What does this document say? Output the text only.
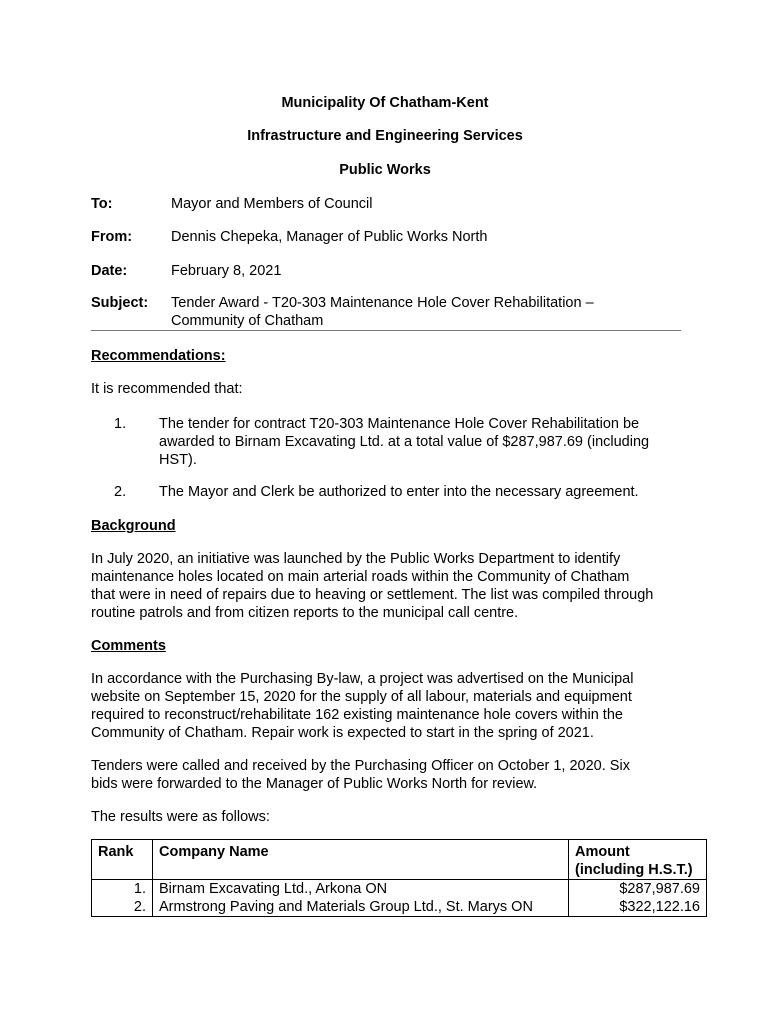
Municipality Of Chatham-Kent
Infrastructure and Engineering Services
Public Works
To:	Mayor and Members of Council
From:	Dennis Chepeka, Manager of Public Works North
Date:	February 8, 2021
Subject: Tender Award - T20-303 Maintenance Hole Cover Rehabilitation –
Community of Chatham
Recommendations:
It is recommended that:
1.	The tender for contract T20-303 Maintenance Hole Cover Rehabilitation be
awarded to Birnam Excavating Ltd. at a total value of $287,987.69 (including
HST).
2.	The Mayor and Clerk be authorized to enter into the necessary agreement.
Background
In July 2020, an initiative was launched by the Public Works Department to identify
maintenance holes located on main arterial roads within the Community of Chatham
that were in need of repairs due to heaving or settlement. The list was compiled through
routine patrols and from citizen reports to the municipal call centre.
Comments
In accordance with the Purchasing By-law, a project was advertised on the Municipal
website on September 15, 2020 for the supply of all labour, materials and equipment
required to reconstruct/rehabilitate 162 existing maintenance hole covers within the
Community of Chatham. Repair work is expected to start in the spring of 2021.
Tenders were called and received by the Purchasing Officer on October 1, 2020. Six
bids were forwarded to the Manager of Public Works North for review.
The results were as follows:
Rank	Company Name	Amount
(including H.S.T.)

1.	Birnam Excavating Ltd., Arkona ON	$287,987.69
2.	Armstrong Paving and Materials Group Ltd., St. Marys ON	$322,122.16
